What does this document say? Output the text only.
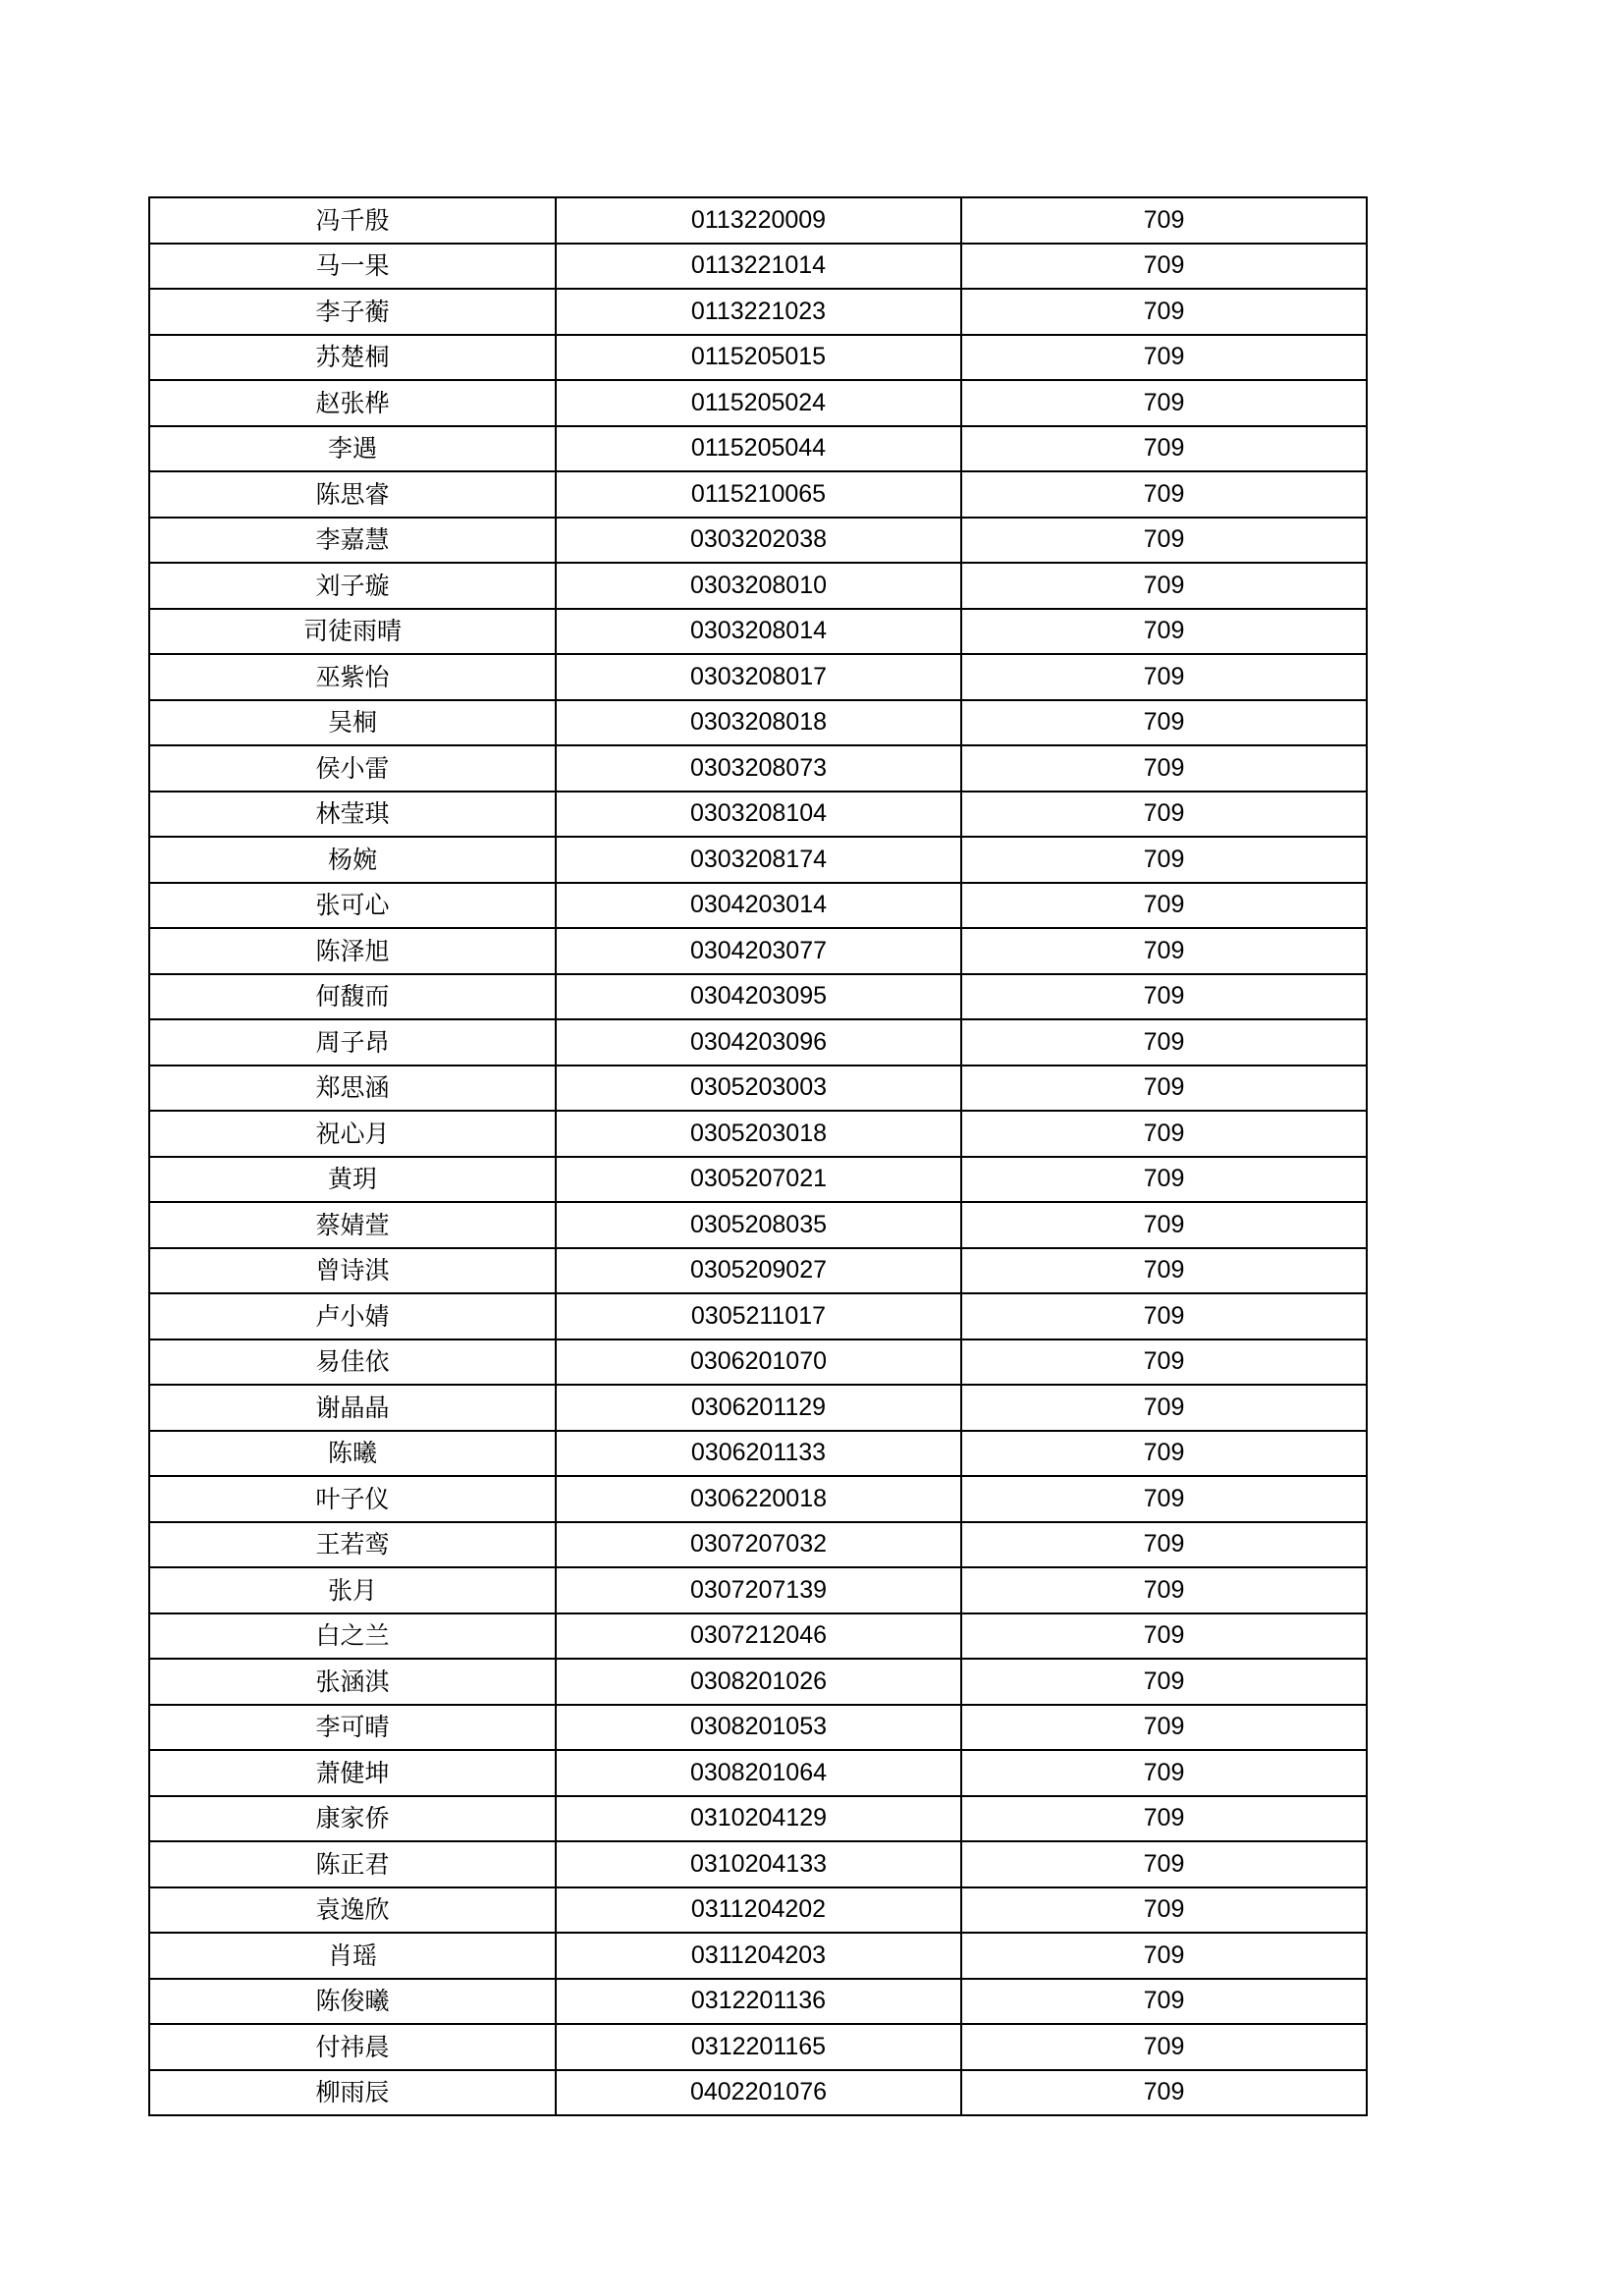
冯千殷	0113220009	709
马一果	0113221014	709
李子蘅	0113221023	709
苏楚桐	0115205015	709
赵张桦	0115205024	709
李遇	0115205044	709
陈思睿	0115210065	709
李嘉慧	0303202038	709
刘子璇	0303208010	709
司徒雨晴	0303208014	709
巫紫怡	0303208017	709
吴桐	0303208018	709
侯小雷	0303208073	709
林莹琪	0303208104	709
杨婉	0303208174	709
张可心	0304203014	709
陈泽旭	0304203077	709
何馥而	0304203095	709
周子昂	0304203096	709
郑思涵	0305203003	709
祝心月	0305203018	709
黄玥	0305207021	709
蔡婧萱	0305208035	709
曾诗淇	0305209027	709
卢小婧	0305211017	709
易佳依	0306201070	709
谢晶晶	0306201129	709
陈曦	0306201133	709
叶子仪	0306220018	709
王若鸾	0307207032	709
张月	0307207139	709
白之兰	0307212046	709
张涵淇	0308201026	709
李可晴	0308201053	709
萧健坤	0308201064	709
康家侨	0310204129	709
陈正君	0310204133	709
袁逸欣	0311204202	709
肖瑶	0311204203	709
陈俊曦	0312201136	709
付祎晨	0312201165	709
柳雨辰	0402201076	709
